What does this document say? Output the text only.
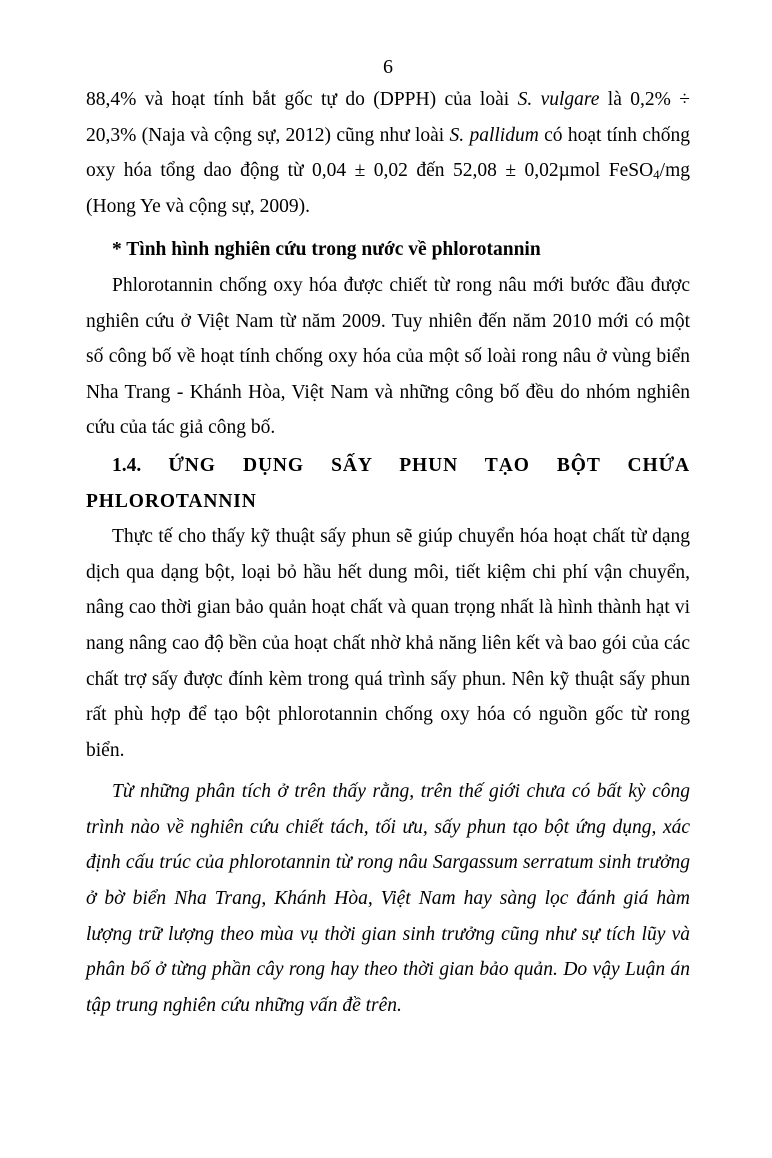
6

88,4% và hoạt tính bắt gốc tự do (DPPH) của loài S. vulgare là 0,2% ÷ 20,3% (Naja và cộng sự, 2012) cũng như loài S. pallidum có hoạt tính chống oxy hóa tổng dao động từ 0,04 ± 0,02 đến 52,08 ± 0,02µmol FeSO$_4$/mg (Hong Ye và cộng sự, 2009).

* Tình hình nghiên cứu trong nước về phlorotannin

Phlorotannin chống oxy hóa được chiết từ rong nâu mới bước đầu được nghiên cứu ở Việt Nam từ năm 2009. Tuy nhiên đến năm 2010 mới có một số công bố về hoạt tính chống oxy hóa của một số loài rong nâu ở vùng biển Nha Trang - Khánh Hòa, Việt Nam và những công bố đều do nhóm nghiên cứu của tác giả công bố.

1.4. ỨNG DỤNG SẤY PHUN TẠO BỘT CHỨA PHLOROTANNIN

Thực tế cho thấy kỹ thuật sấy phun sẽ giúp chuyển hóa hoạt chất từ dạng dịch qua dạng bột, loại bỏ hầu hết dung môi, tiết kiệm chi phí vận chuyển, nâng cao thời gian bảo quản hoạt chất và quan trọng nhất là hình thành hạt vi nang nâng cao độ bền của hoạt chất nhờ khả năng liên kết và bao gói của các chất trợ sấy được đính kèm trong quá trình sấy phun. Nên kỹ thuật sấy phun rất phù hợp để tạo bột phlorotannin chống oxy hóa có nguồn gốc từ rong biển.

Từ những phân tích ở trên thấy rằng, trên thế giới chưa có bất kỳ công trình nào về nghiên cứu chiết tách, tối ưu, sấy phun tạo bột ứng dụng, xác định cấu trúc của phlorotannin từ rong nâu Sargassum serratum sinh trưởng ở bờ biển Nha Trang, Khánh Hòa, Việt Nam hay sàng lọc đánh giá hàm lượng trữ lượng theo mùa vụ thời gian sinh trưởng cũng như sự tích lũy và phân bố ở từng phần cây rong hay theo thời gian bảo quản. Do vậy Luận án tập trung nghiên cứu những vấn đề trên.
